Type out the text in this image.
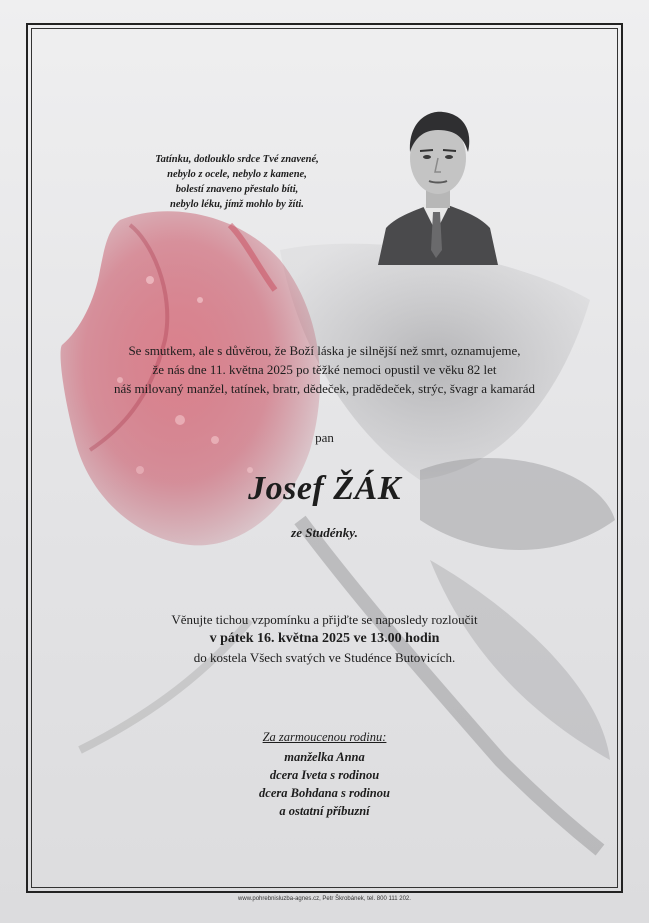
Tatínku, dotlouklo srdce Tvé znavené,
nebylo z ocele, nebylo z kamene,
bolestí znaveno přestalo bíti,
nebylo léku, jímž mohlo by žíti.
Se smutkem, ale s důvěrou, že Boží láska je silnější než smrt, oznamujeme,
že nás dne 11. května 2025 po těžké nemoci opustil ve věku 82 let
náš milovaný manžel, tatínek, bratr, dědeček, pradědeček, strýc, švagr a kamarád
pan
Josef ŽÁK
ze Studénky.
Věnujte tichou vzpomínku a přijďte se naposledy rozloučit
v pátek 16. května 2025 ve 13.00 hodin
do kostela Všech svatých ve Studénce Butovicích.
Za zarmoucenou rodinu:
manželka Anna
dcera Iveta s rodinou
dcera Bohdana s rodinou
a ostatní příbuzní
www.pohrebnisluzba-agnes.cz, Petr Škrobánek, tel. 800 111 202.
